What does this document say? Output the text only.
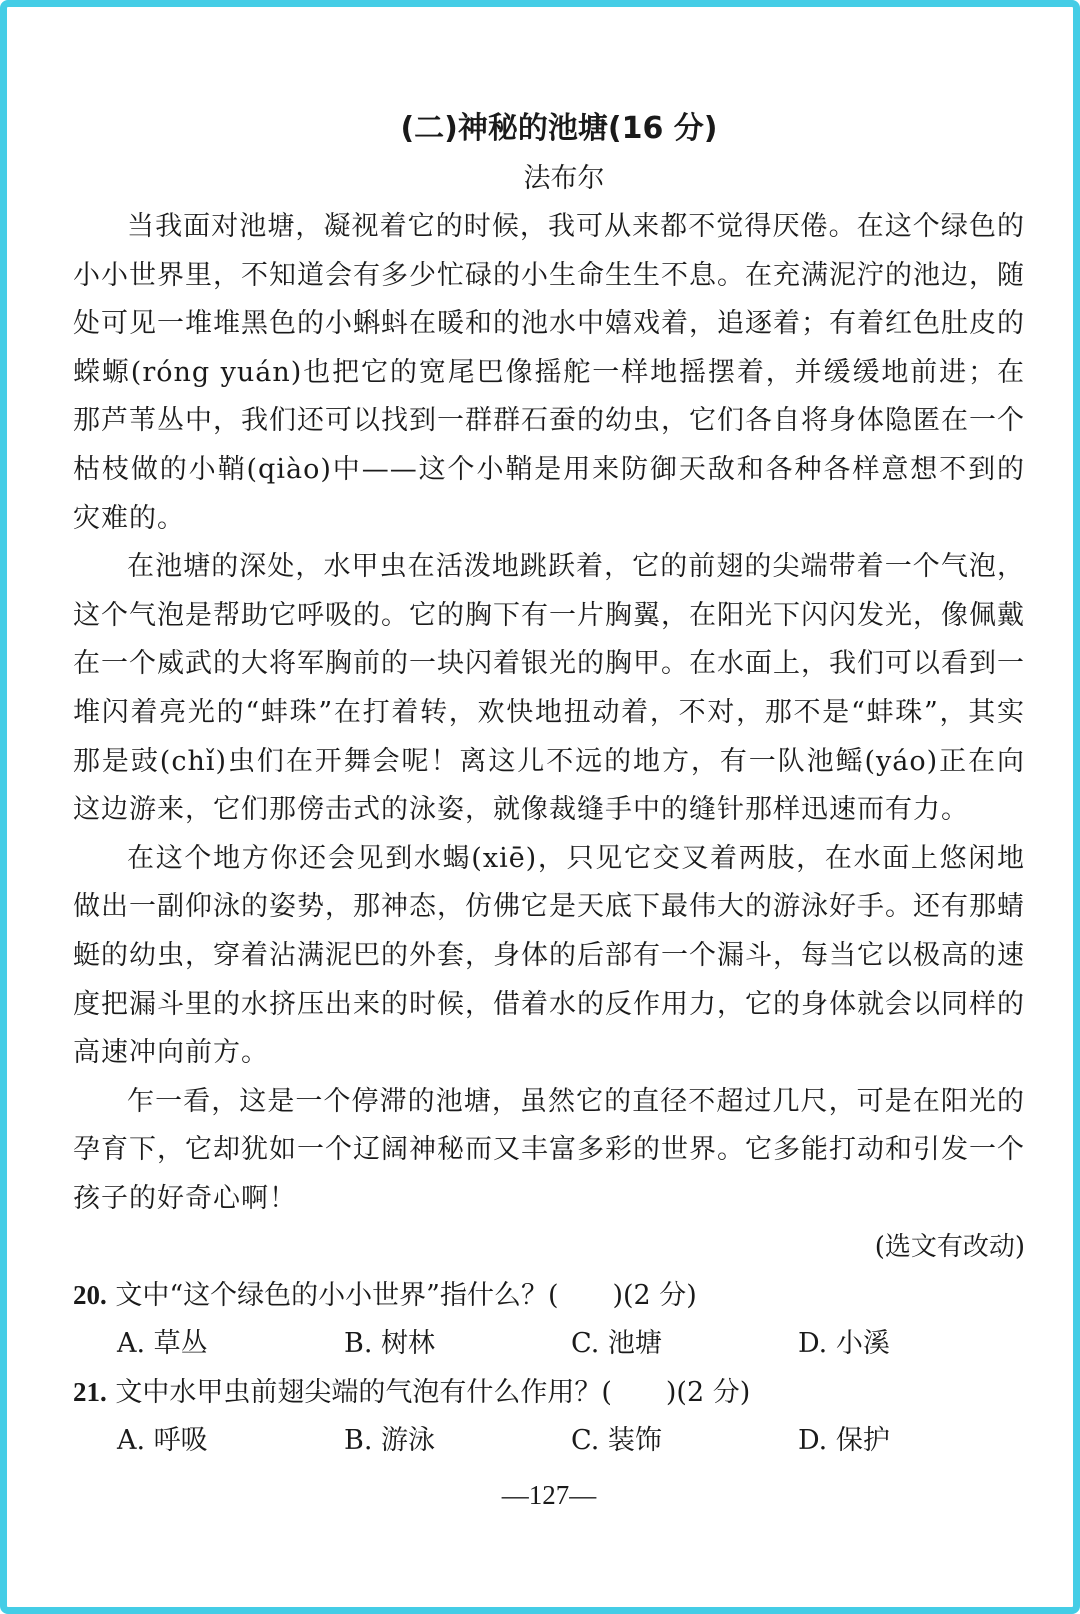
(二)神秘的池塘(16 分)
法布尔

当我面对池塘，凝视着它的时候，我可从来都不觉得厌倦。在这个绿色的小小世界里，不知道会有多少忙碌的小生命生生不息。在充满泥泞的池边，随处可见一堆堆黑色的小蝌蚪在暖和的池水中嬉戏着，追逐着；有着红色肚皮的蝾螈(róng yuán)也把它的宽尾巴像摇舵一样地摇摆着，并缓缓地前进；在那芦苇丛中，我们还可以找到一群群石蚕的幼虫，它们各自将身体隐匿在一个枯枝做的小鞘(qiào)中——这个小鞘是用来防御天敌和各种各样意想不到的灾难的。

在池塘的深处，水甲虫在活泼地跳跃着，它的前翅的尖端带着一个气泡，这个气泡是帮助它呼吸的。它的胸下有一片胸翼，在阳光下闪闪发光，像佩戴在一个威武的大将军胸前的一块闪着银光的胸甲。在水面上，我们可以看到一堆闪着亮光的“蚌珠”在打着转，欢快地扭动着，不对，那不是“蚌珠”，其实那是豉(chǐ)虫们在开舞会呢！离这儿不远的地方，有一队池鳐(yáo)正在向这边游来，它们那傍击式的泳姿，就像裁缝手中的缝针那样迅速而有力。

在这个地方你还会见到水蝎(xiē)，只见它交叉着两肢，在水面上悠闲地做出一副仰泳的姿势，那神态，仿佛它是天底下最伟大的游泳好手。还有那蜻蜓的幼虫，穿着沾满泥巴的外套，身体的后部有一个漏斗，每当它以极高的速度把漏斗里的水挤压出来的时候，借着水的反作用力，它的身体就会以同样的高速冲向前方。

乍一看，这是一个停滞的池塘，虽然它的直径不超过几尺，可是在阳光的孕育下，它却犹如一个辽阔神秘而又丰富多彩的世界。它多能打动和引发一个孩子的好奇心啊！

(选文有改动)

20. 文中“这个绿色的小小世界”指什么？(　　)(2 分)

A. 草丛	B. 树林	C. 池塘	D. 小溪

21. 文中水甲虫前翅尖端的气泡有什么作用？(　　)(2 分)

A. 呼吸	B. 游泳	C. 装饰	D. 保护
—127—
